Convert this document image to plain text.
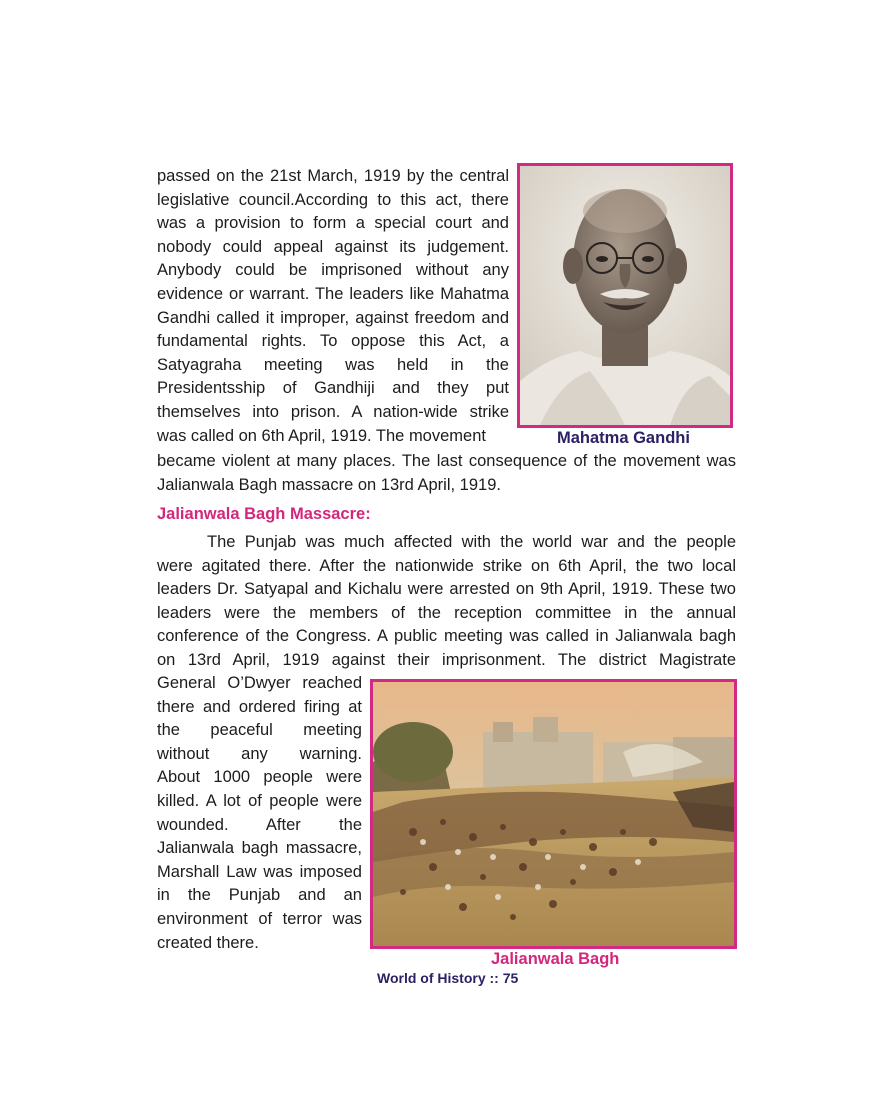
passed on the 21st March, 1919 by the central
legislative council.According to this act, there
was a provision to form a special court and
nobody could appeal against its judgement.
Anybody could be imprisoned without any
evidence or warrant. The leaders like Mahatma
Gandhi called it improper, against freedom and
fundamental rights. To oppose this Act, a
Satyagraha meeting was held in the
Presidentsship of Gandhiji and they put
themselves into prison. A nation-wide strike
was called on 6th April, 1919. The movement
became violent at many places. The last consequence of the movement was
Jalianwala Bagh massacre on 13rd April, 1919.

Mahatma Gandhi

Jalianwala Bagh Massacre:

The Punjab was much affected with the world war and the people
were agitated there. After the nationwide strike on 6th April, the two local
leaders Dr. Satyapal and Kichalu were arrested on 9th April, 1919. These two
leaders were the members of the reception committee in the annual
conference of the Congress. A public meeting was called in Jalianwala bagh
on 13rd April, 1919 against their imprisonment. The district Magistrate
General O’Dwyer reached
there and ordered firing at
the peaceful meeting
without any warning.
About 1000 people were
killed. A lot of people were
wounded. After the
Jalianwala bagh massacre,
Marshall Law was imposed
in the Punjab and an
environment of terror was
created there.

Jalianwala Bagh

World of History :: 75
